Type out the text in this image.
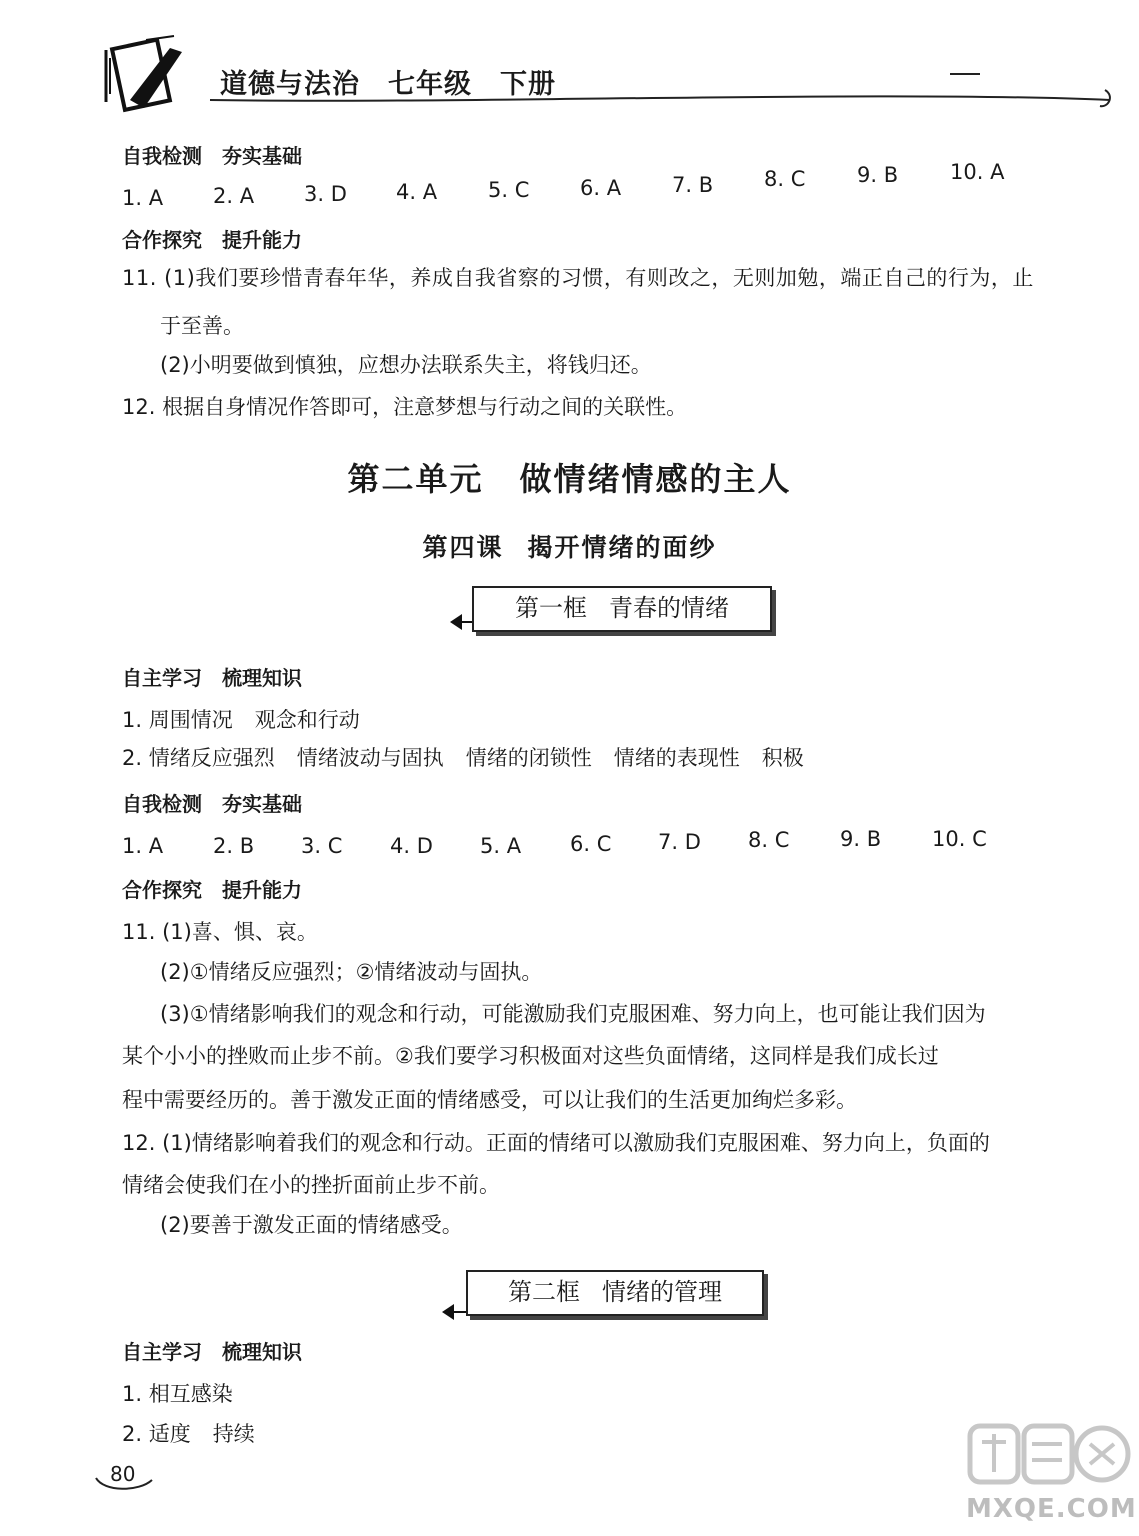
道德与法治 七年级 下册
自我检测 夯实基础
1. A 2. A 3. D 4. A 5. C 6. A 7. B 8. C 9. B 10. A
合作探究 提升能力
11. (1)我们要珍惜青春年华，养成自我省察的习惯，有则改之，无则加勉，端正自己的行为，止
于至善。
(2)小明要做到慎独，应想办法联系失主，将钱归还。
12. 根据自身情况作答即可，注意梦想与行动之间的关联性。
第二单元 做情绪情感的主人
第四课 揭开情绪的面纱
第一框 青春的情绪
自主学习 梳理知识
1. 周围情况 观念和行动
2. 情绪反应强烈 情绪波动与固执 情绪的闭锁性 情绪的表现性 积极
自我检测 夯实基础
1. A 2. B 3. C 4. D 5. A 6. C 7. D 8. C 9. B 10. C
合作探究 提升能力
11. (1)喜、惧、哀。
(2)①情绪反应强烈；②情绪波动与固执。
(3)①情绪影响我们的观念和行动，可能激励我们克服困难、努力向上，也可能让我们因为
某个小小的挫败而止步不前。②我们要学习积极面对这些负面情绪，这同样是我们成长过
程中需要经历的。善于激发正面的情绪感受，可以让我们的生活更加绚烂多彩。
12. (1)情绪影响着我们的观念和行动。正面的情绪可以激励我们克服困难、努力向上，负面的
情绪会使我们在小的挫折面前止步不前。
(2)要善于激发正面的情绪感受。
第二框 情绪的管理
自主学习 梳理知识
1. 相互感染
2. 适度 持续
80
MXQE.COM
